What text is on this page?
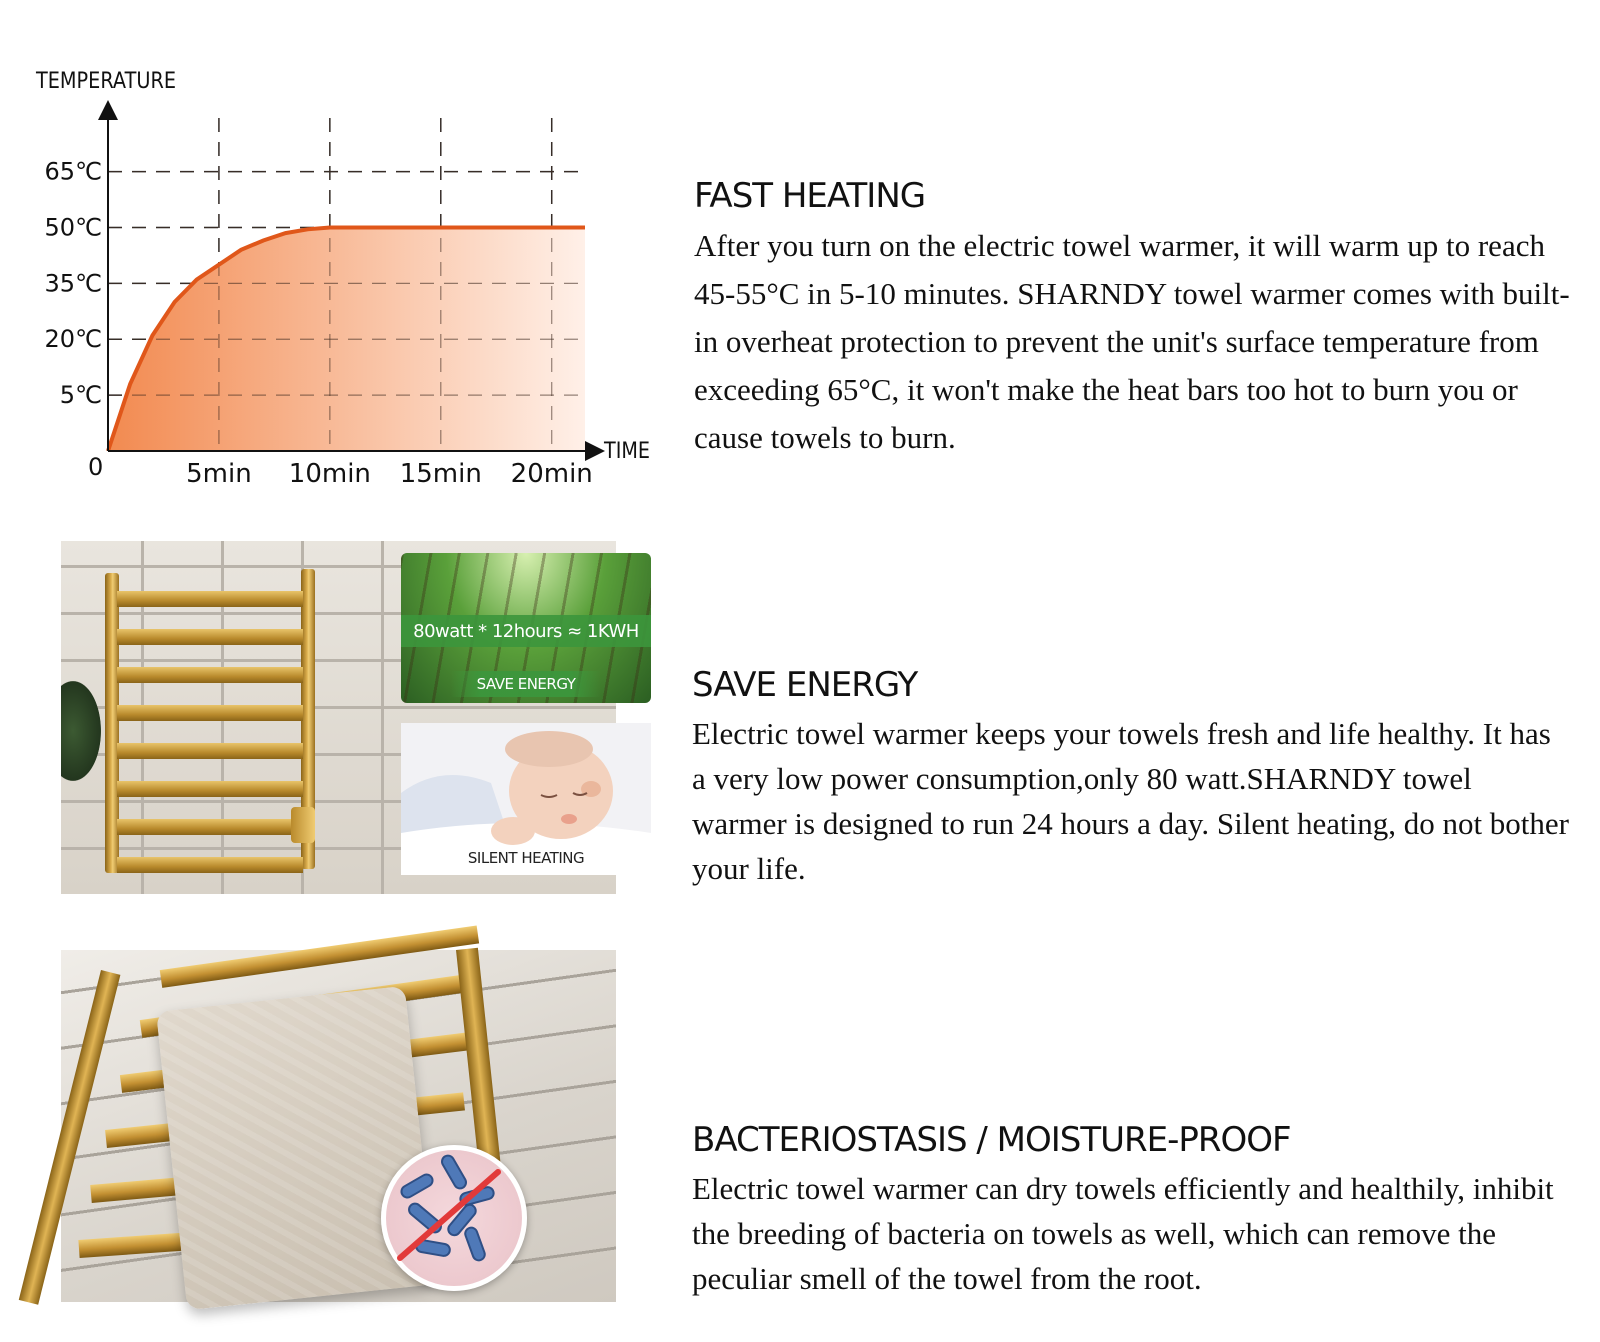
TEMPERATURE
TIME
0
5℃
20℃
35℃
50℃
65℃
5min 10min 15min 20min
FAST HEATING

After you turn on the electric towel warmer, it will warm up to reach 45-55°C in 5-10 minutes. SHARNDY towel warmer comes with built-in overheat protection to prevent the unit's surface temperature from exceeding 65°C, it won't make the heat bars too hot to burn you or cause towels to burn.

80watt * 12hours ≈ 1KWH
SAVE ENERGY
SILENT HEATING
SAVE ENERGY

Electric towel warmer keeps your towels fresh and life healthy. It has a very low power consumption,only 80 watt.SHARNDY towel warmer is designed to run 24 hours a day. Silent heating, do not bother your life.

BACTERIOSTASIS / MOISTURE-PROOF

Electric towel warmer can dry towels efficiently and healthily, inhibit the breeding of bacteria on towels as well, which can remove the peculiar smell of the towel from the root.
